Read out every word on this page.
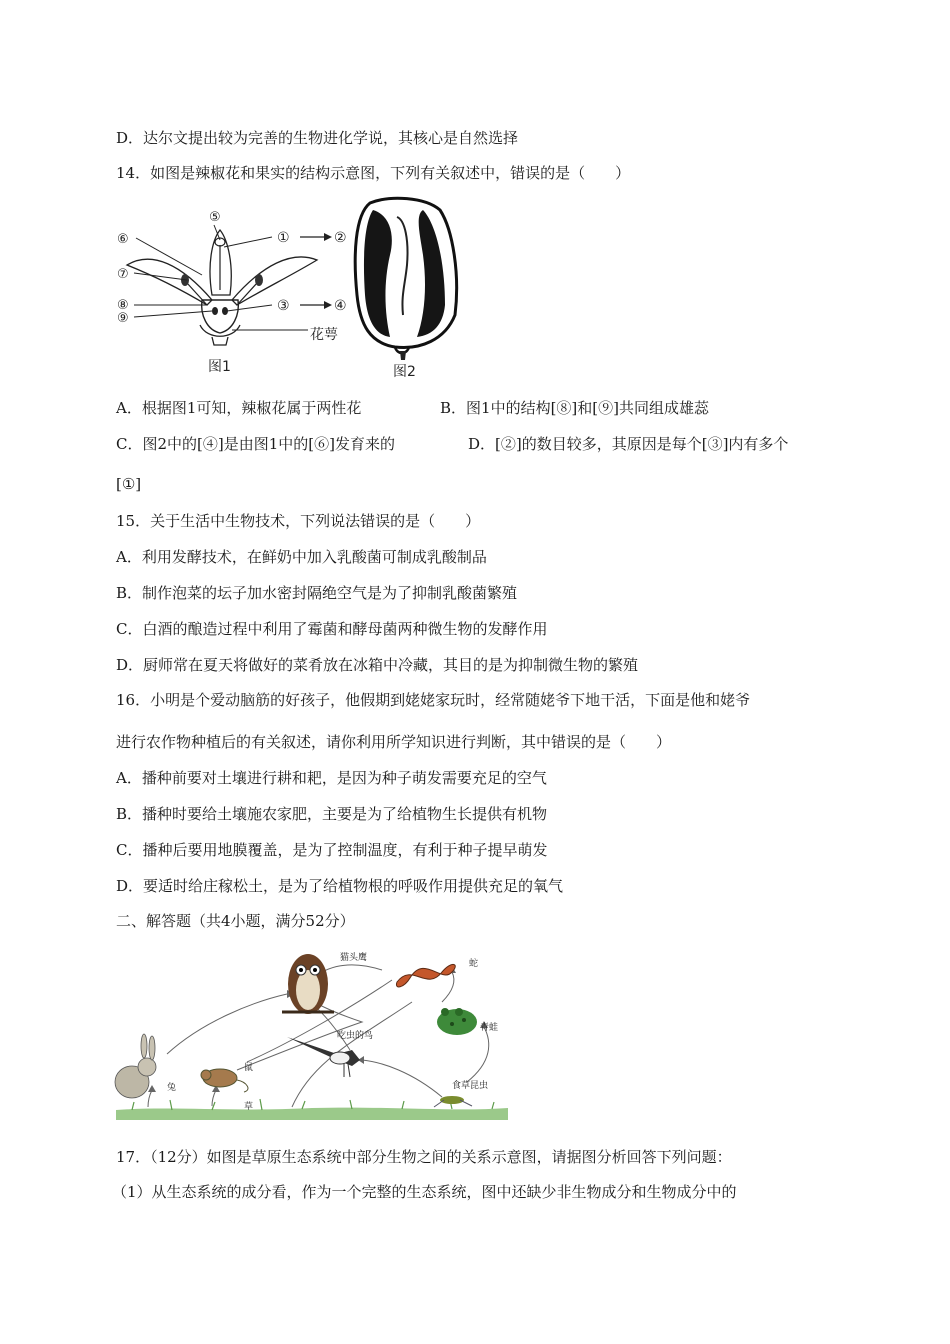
D．达尔文提出较为完善的生物进化学说，其核心是自然选择
14．如图是辣椒花和果实的结构示意图，下列有关叙述中，错误的是（　　）
⑤
⑥
⑦
⑧
⑨
①	②
③	④
花萼
图1	图2
A．根据图1可知，辣椒花属于两性花	B．图1中的结构[⑧]和[⑨]共同组成雄蕊
C．图2中的[④]是由图1中的[⑥]发育来的	D．[②]的数目较多，其原因是每个[③]内有多个
[①]
15．关于生活中生物技术，下列说法错误的是（　　）
A．利用发酵技术，在鲜奶中加入乳酸菌可制成乳酸制品
B．制作泡菜的坛子加水密封隔绝空气是为了抑制乳酸菌繁殖
C．白酒的酿造过程中利用了霉菌和酵母菌两种微生物的发酵作用
D．厨师常在夏天将做好的菜肴放在冰箱中冷藏，其目的是为抑制微生物的繁殖
16．小明是个爱动脑筋的好孩子，他假期到姥姥家玩时，经常随姥爷下地干活，下面是他和姥爷
进行农作物种植后的有关叙述，请你利用所学知识进行判断，其中错误的是（　　）
A．播种前要对土壤进行耕和耙，是因为种子萌发需要充足的空气
B．播种时要给土壤施农家肥，主要是为了给植物生长提供有机物
C．播种后要用地膜覆盖，是为了控制温度，有利于种子提早萌发
D．要适时给庄稼松土，是为了给植物根的呼吸作用提供充足的氧气
二、解答题（共4小题，满分52分）
猫头鹰
蛇
青蛙
吃虫的鸟
兔
鼠
草
食草昆虫
17．（12分）如图是草原生态系统中部分生物之间的关系示意图，请据图分析回答下列问题：
（1）从生态系统的成分看，作为一个完整的生态系统，图中还缺少非生物成分和生物成分中的
